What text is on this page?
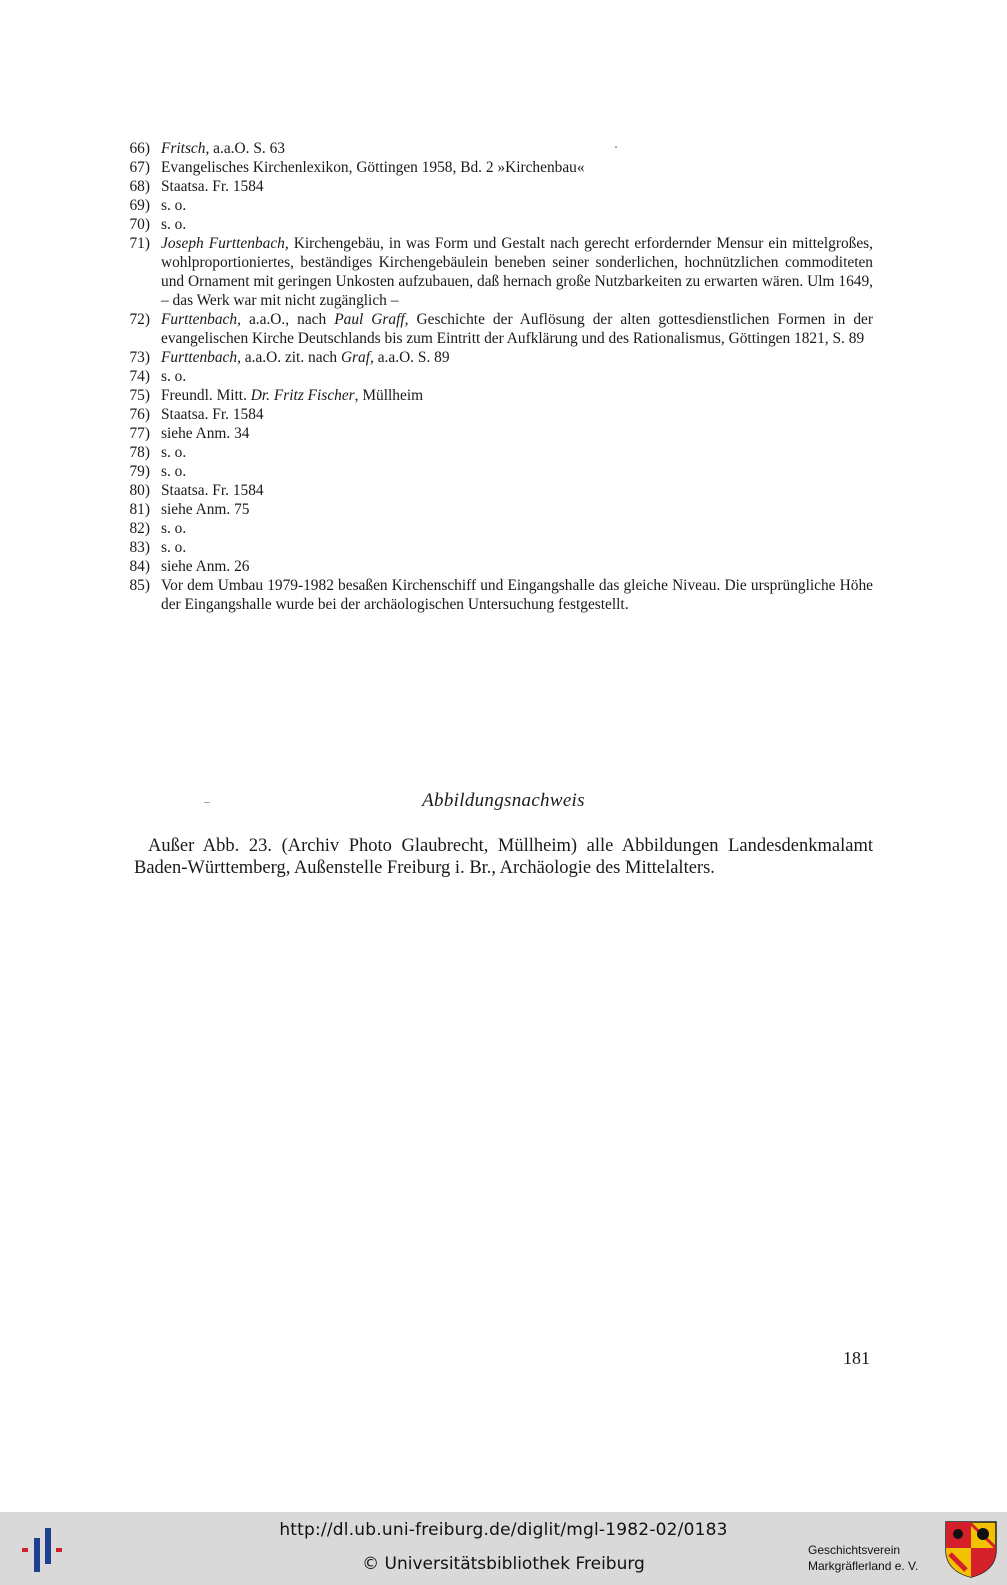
66) Fritsch, a.a.O. S. 63
67) Evangelisches Kirchenlexikon, Göttingen 1958, Bd. 2 »Kirchenbau«
68) Staatsa. Fr. 1584
69) s. o.
70) s. o.
71) Joseph Furttenbach, Kirchengebäu, in was Form und Gestalt nach gerecht erfordernder Mensur ein mittelgroßes, wohlproportioniertes, beständiges Kirchengebäulein beneben seiner sonderlichen, hochnützlichen commoditeten und Ornament mit geringen Unkosten aufzubauen, daß hernach große Nutzbarkeiten zu erwarten wären. Ulm 1649, – das Werk war mit nicht zugänglich –
72) Furttenbach, a.a.O., nach Paul Graff, Geschichte der Auflösung der alten gottesdienstlichen Formen in der evangelischen Kirche Deutschlands bis zum Eintritt der Aufklärung und des Rationalismus, Göttingen 1821, S. 89
73) Furttenbach, a.a.O. zit. nach Graf, a.a.O. S. 89
74) s. o.
75) Freundl. Mitt. Dr. Fritz Fischer, Müllheim
76) Staatsa. Fr. 1584
77) siehe Anm. 34
78) s. o.
79) s. o.
80) Staatsa. Fr. 1584
81) siehe Anm. 75
82) s. o.
83) s. o.
84) siehe Anm. 26
85) Vor dem Umbau 1979-1982 besaßen Kirchenschiff und Eingangshalle das gleiche Niveau. Die ursprüngliche Höhe der Eingangshalle wurde bei der archäologischen Untersuchung festgestellt.
Abbildungsnachweis
Außer Abb. 23. (Archiv Photo Glaubrecht, Müllheim) alle Abbildungen Landesdenkmalamt Baden-Württemberg, Außenstelle Freiburg i. Br., Archäologie des Mittelalters.
181
http://dl.ub.uni-freiburg.de/diglit/mgl-1982-02/0183
© Universitätsbibliothek Freiburg
Geschichtsverein
Markgräflerland e. V.
